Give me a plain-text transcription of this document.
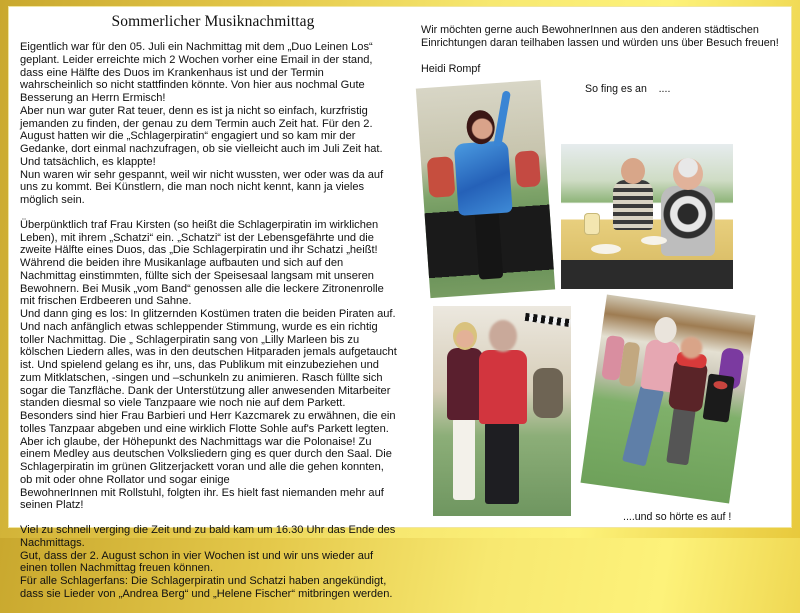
Sommerlicher Musiknachmittag

Eigentlich war für den 05. Juli ein Nachmittag mit dem „Duo Leinen Los“
geplant. Leider erreichte mich 2 Wochen vorher eine Email in der stand,
dass eine Hälfte des Duos im Krankenhaus ist und der Termin
wahrscheinlich so nicht stattfinden könnte. Von hier aus nochmal Gute
Besserung an Herrn Ermisch!
Aber nun war guter Rat teuer, denn es ist ja nicht so einfach, kurzfristig
jemanden zu finden, der genau zu dem Termin auch Zeit hat. Für den 2.
August hatten wir die „Schlagerpiratin“ engagiert und so kam mir der
Gedanke, dort einmal nachzufragen, ob sie vielleicht auch im Juli Zeit hat.
Und tatsächlich, es klappte!
Nun waren wir sehr gespannt, weil wir nicht wussten, wer oder was da auf
uns zu kommt. Bei Künstlern, die man noch nicht kennt, kann ja vieles
möglich sein.

Überpünktlich traf Frau Kirsten (so heißt die Schlagerpiratin im wirklichen
Leben), mit ihrem „Schatzi“ ein. „Schatzi“ ist der Lebensgefährte und die
zweite Hälfte eines Duos, das „Die Schlagerpiratin und ihr Schatzi „heißt!
Während die beiden ihre Musikanlage aufbauten und sich auf den
Nachmittag einstimmten, füllte sich der Speisesaal langsam mit unseren
Bewohnern. Bei Musik „vom Band“ genossen alle die leckere Zitronenrolle
mit frischen Erdbeeren und Sahne.
Und dann ging es los: In glitzernden Kostümen traten die beiden Piraten auf.
Und nach anfänglich etwas schleppender Stimmung, wurde es ein richtig
toller Nachmittag. Die „ Schlagerpiratin sang von „Lilly Marleen bis zu
kölschen Liedern alles, was in den deutschen Hitparaden jemals aufgetaucht
ist. Und spielend gelang es ihr, uns, das Publikum mit einzubeziehen und
zum Mitklatschen, -singen und –schunkeln zu animieren. Rasch füllte sich
sogar die Tanzfläche. Dank der Unterstützung aller anwesenden Mitarbeiter
standen diesmal so viele Tanzpaare wie noch nie auf dem Parkett.
Besonders sind hier Frau Barbieri und Herr Kazcmarek zu erwähnen, die ein
tolles Tanzpaar abgeben und eine wirklich Flotte Sohle auf's Parkett legten.
Aber ich glaube, der Höhepunkt des Nachmittags war die Polonaise! Zu
einem Medley aus deutschen Volksliedern ging es quer durch den Saal. Die
Schlagerpiratin im grünen Glitzerjackett voran und alle die gehen konnten,
ob mit oder ohne Rollator und sogar einige
BewohnerInnen mit Rollstuhl, folgten ihr. Es hielt fast niemanden mehr auf
seinen Platz!

Viel zu schnell verging die Zeit und zu bald kam um 16.30 Uhr das Ende des
Nachmittags.
Gut, dass der 2. August schon in vier Wochen ist und wir uns wieder auf
einen tollen Nachmittag freuen können.
Für alle Schlagerfans: Die Schlagerpiratin und Schatzi haben angekündigt,
dass sie Lieder von „Andrea Berg“ und „Helene Fischer“ mitbringen werden.

Wir möchten gerne auch BewohnerInnen aus den anderen städtischen
Einrichtungen daran teilhaben lassen und würden uns über Besuch freuen!
Heidi Rompf
So fing es an    ....
....und so hörte es auf !
